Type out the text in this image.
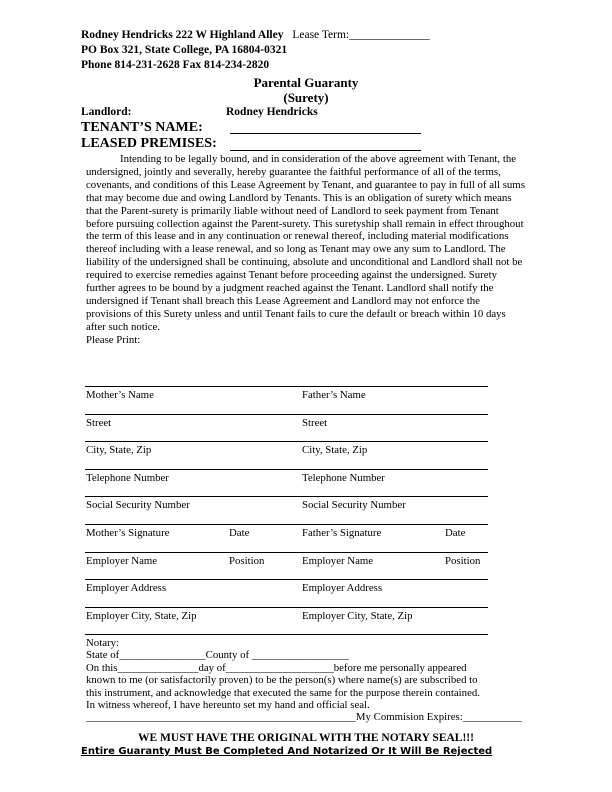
Rodney Hendricks 222 W Highland Alley Lease Term:______________
PO Box 321, State College, PA 16804-0321
Phone 814-231-2628 Fax 814-234-2820
Parental Guaranty
(Surety)
Landlord:	Rodney Hendricks
TENANT’S NAME:
LEASED PREMISES:

Intending to be legally bound, and in consideration of the above agreement with Tenant, the undersigned, jointly and severally, hereby guarantee the faithful performance of all of the terms, covenants, and conditions of this Lease Agreement by Tenant, and guarantee to pay in full of all sums that may become due and owing Landlord by Tenants. This is an obligation of surety which means that the Parent-surety is primarily liable without need of Landlord to seek payment from Tenant before pursuing collection against the Parent-surety. This suretyship shall remain in effect throughout the term of this lease and in any continuation or renewal thereof, including material modifications thereof including with a lease renewal, and so long as Tenant may owe any sum to Landlord. The liability of the undersigned shall be continuing, absolute and unconditional and Landlord shall not be required to exercise remedies against Tenant before proceeding against the undersigned. Surety further agrees to be bound by a judgment reached against the Tenant. Landlord shall notify the undersigned if Tenant shall breach this Lease Agreement and Landlord may not enforce the provisions of this Surety unless and until Tenant fails to cure the default or breach within 10 days after such notice.

Please Print:
Mother’s Name	Father’s Name
Street	Street
City, State, Zip	City, State, Zip
Telephone Number	Telephone Number
Social Security Number	Social Security Number
Mother’s Signature	Date	Father’s Signature	Date
Employer Name	Position	Employer Name	Position
Employer Address	Employer Address
Employer City, State, Zip	Employer City, State, Zip
Notary:
State of________________County of __________________
On this_______________day of____________________before me personally appeared
known to me (or satisfactorily proven) to be the person(s) where name(s) are subscribed to
this instrument, and acknowledge that executed the same for the purpose therein contained.
In witness whereof, I have hereunto set my hand and official seal.
__________________________________________________My Commision Expires:___________
WE MUST HAVE THE ORIGINAL WITH THE NOTARY SEAL!!!
Entire Guaranty Must Be Completed And Notarized Or It Will Be Rejected
